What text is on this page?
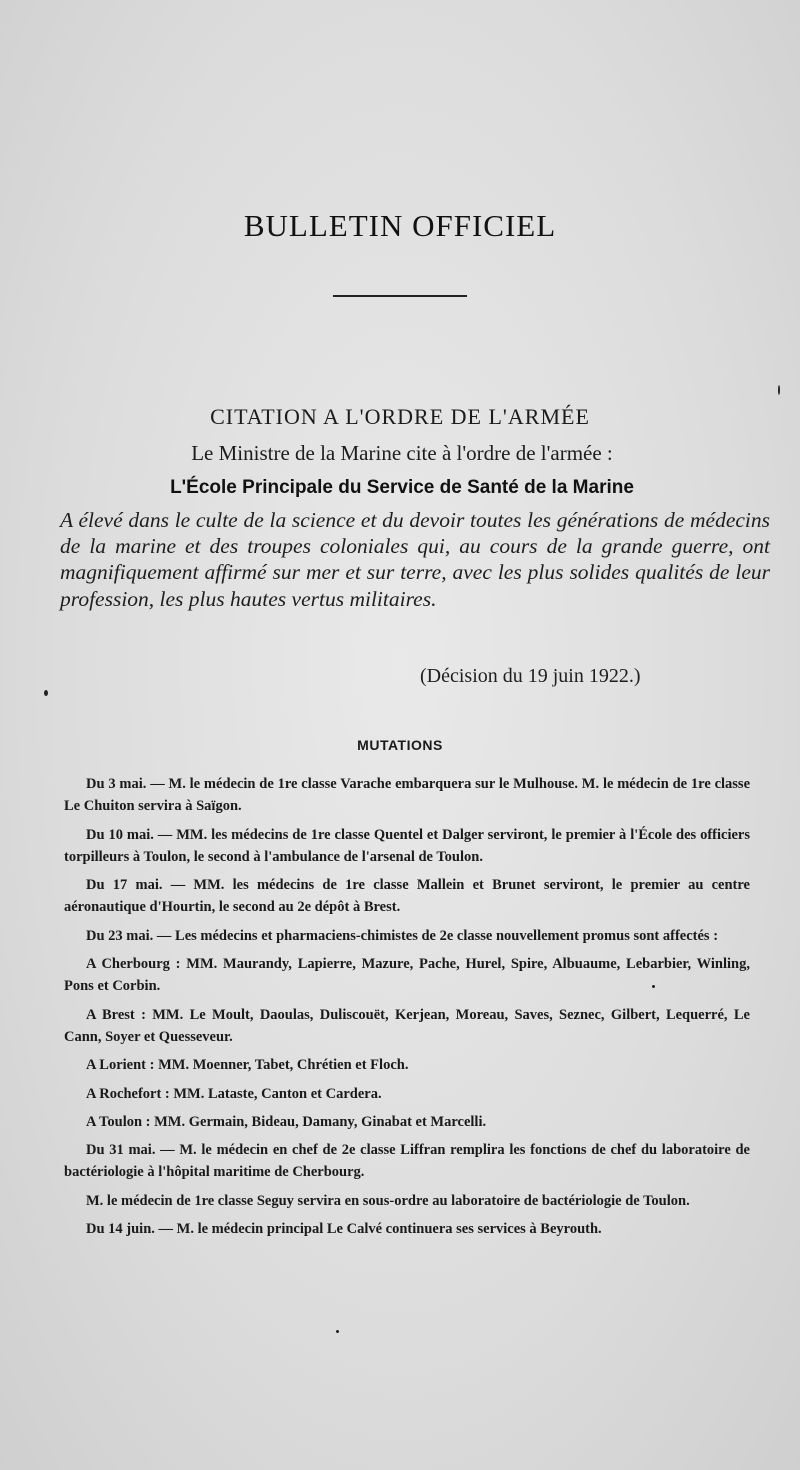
BULLETIN OFFICIEL
CITATION A L'ORDRE DE L'ARMÉE
Le Ministre de la Marine cite à l'ordre de l'armée :
L'École Principale du Service de Santé de la Marine
A élevé dans le culte de la science et du devoir toutes les générations de médecins de la marine et des troupes coloniales qui, au cours de la grande guerre, ont magnifiquement affirmé sur mer et sur terre, avec les plus solides qualités de leur profession, les plus hautes vertus militaires.
(Décision du 19 juin 1922.)
MUTATIONS

Du 3 mai. — M. le médecin de 1re classe Varache embarquera sur le Mulhouse. M. le médecin de 1re classe Le Chuiton servira à Saïgon.

Du 10 mai. — MM. les médecins de 1re classe Quentel et Dalger serviront, le premier à l'École des officiers torpilleurs à Toulon, le second à l'ambulance de l'arsenal de Toulon.

Du 17 mai. — MM. les médecins de 1re classe Mallein et Brunet serviront, le premier au centre aéronautique d'Hourtin, le second au 2e dépôt à Brest.

Du 23 mai. — Les médecins et pharmaciens-chimistes de 2e classe nouvellement promus sont affectés :

A Cherbourg : MM. Maurandy, Lapierre, Mazure, Pache, Hurel, Spire, Albuaume, Lebarbier, Winling, Pons et Corbin.

A Brest : MM. Le Moult, Daoulas, Duliscouët, Kerjean, Moreau, Saves, Seznec, Gilbert, Lequerré, Le Cann, Soyer et Quesseveur.

A Lorient : MM. Moenner, Tabet, Chrétien et Floch.

A Rochefort : MM. Lataste, Canton et Cardera.

A Toulon : MM. Germain, Bideau, Damany, Ginabat et Marcelli.

Du 31 mai. — M. le médecin en chef de 2e classe Liffran remplira les fonctions de chef du laboratoire de bactériologie à l'hôpital maritime de Cherbourg.

M. le médecin de 1re classe Seguy servira en sous-ordre au laboratoire de bactériologie de Toulon.

Du 14 juin. — M. le médecin principal Le Calvé continuera ses services à Beyrouth.
